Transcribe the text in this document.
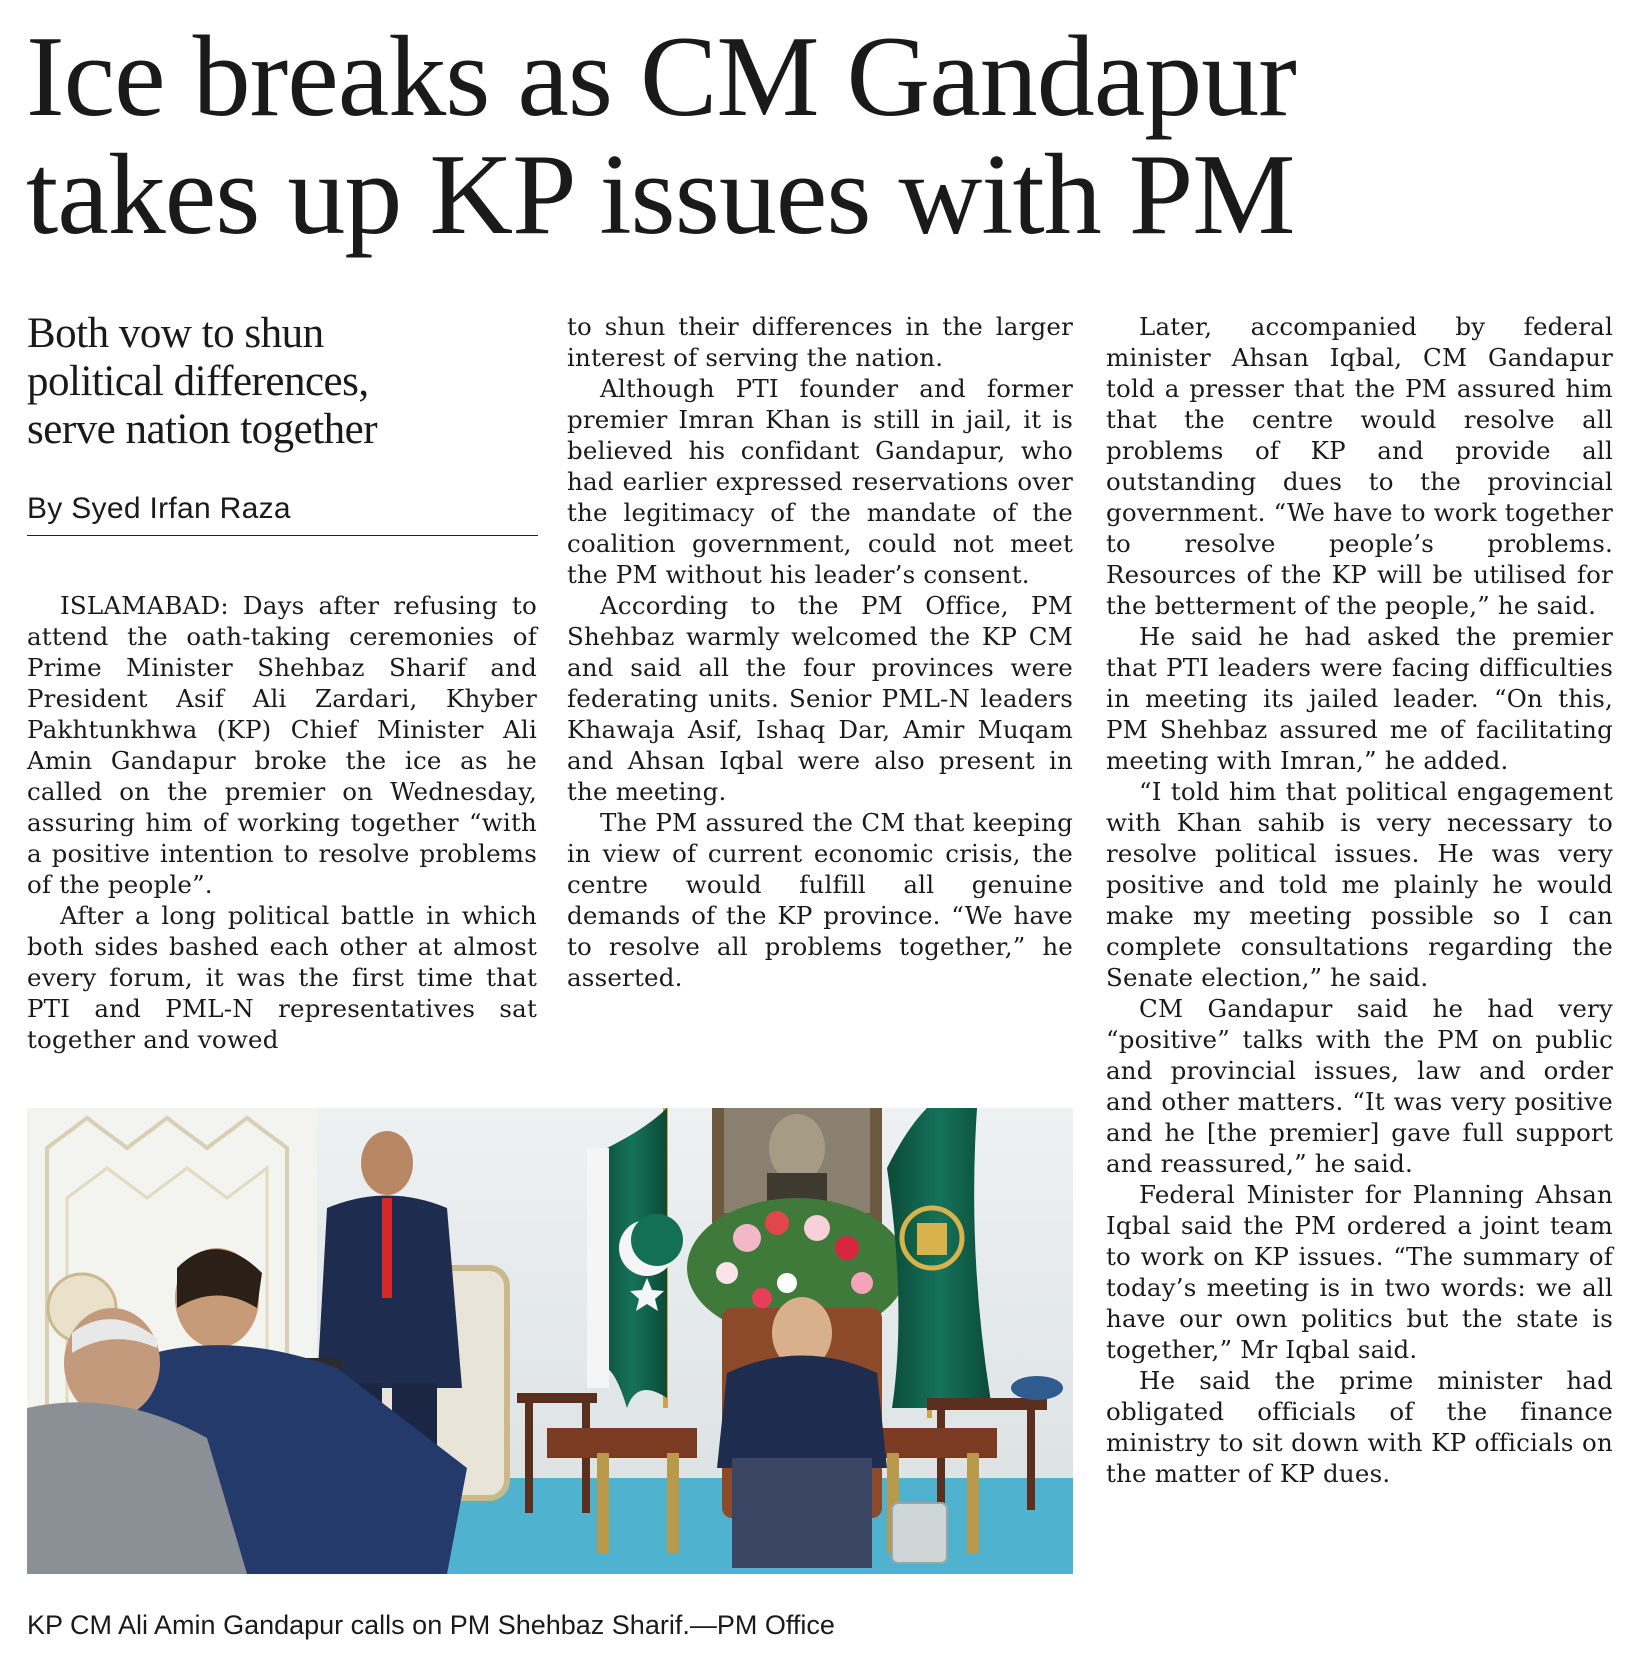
Ice breaks as CM Gandapur
takes up KP issues with PM
Both vow to shun
political differences,
serve nation together
By Syed Irfan Raza

ISLAMABAD: Days after refusing to attend the oath-taking ceremonies of Prime Minister Shehbaz Sharif and President Asif Ali Zardari, Khyber Pakhtunkhwa (KP) Chief Minister Ali Amin Gandapur broke the ice as he called on the premier on Wednesday, assuring him of working together “with a positive intention to resolve problems of the people”.

After a long political battle in which both sides bashed each other at almost every forum, it was the first time that PTI and PML-N representatives sat together and vowed

to shun their differences in the larger interest of serving the nation.

Although PTI founder and former premier Imran Khan is still in jail, it is believed his confidant Gandapur, who had earlier expressed reservations over the legitimacy of the mandate of the coalition government, could not meet the PM without his leader’s consent.

According to the PM Office, PM Shehbaz warmly welcomed the KP CM and said all the four provinces were federating units. Senior PML-N leaders Khawaja Asif, Ishaq Dar, Amir Muqam and Ahsan Iqbal were also present in the meeting.

The PM assured the CM that keeping in view of current economic crisis, the centre would fulfill all genuine demands of the KP province. “We have to resolve all problems together,” he asserted.

Later, accompanied by federal minister Ahsan Iqbal, CM Gandapur told a presser that the PM assured him that the centre would resolve all problems of KP and provide all outstanding dues to the provincial government. “We have to work together to resolve people’s problems. Resources of the KP will be utilised for the betterment of the people,” he said.

He said he had asked the premier that PTI leaders were facing difficulties in meeting its jailed leader. “On this, PM Shehbaz assured me of facilitating meeting with Imran,” he added.

“I told him that political engagement with Khan sahib is very necessary to resolve political issues. He was very positive and told me plainly he would make my meeting possible so I can complete consultations regarding the Senate election,” he said.

CM Gandapur said he had very “positive” talks with the PM on public and provincial issues, law and order and other matters. “It was very positive and he [the premier] gave full support and reassured,” he said.

Federal Minister for Planning Ahsan Iqbal said the PM ordered a joint team to work on KP issues. “The summary of today’s meeting is in two words: we all have our own politics but the state is together,” Mr Iqbal said.

He said the prime minister had obligated officials of the finance ministry to sit down with KP officials on the matter of KP dues.

KP CM Ali Amin Gandapur calls on PM Shehbaz Sharif.—PM Office
